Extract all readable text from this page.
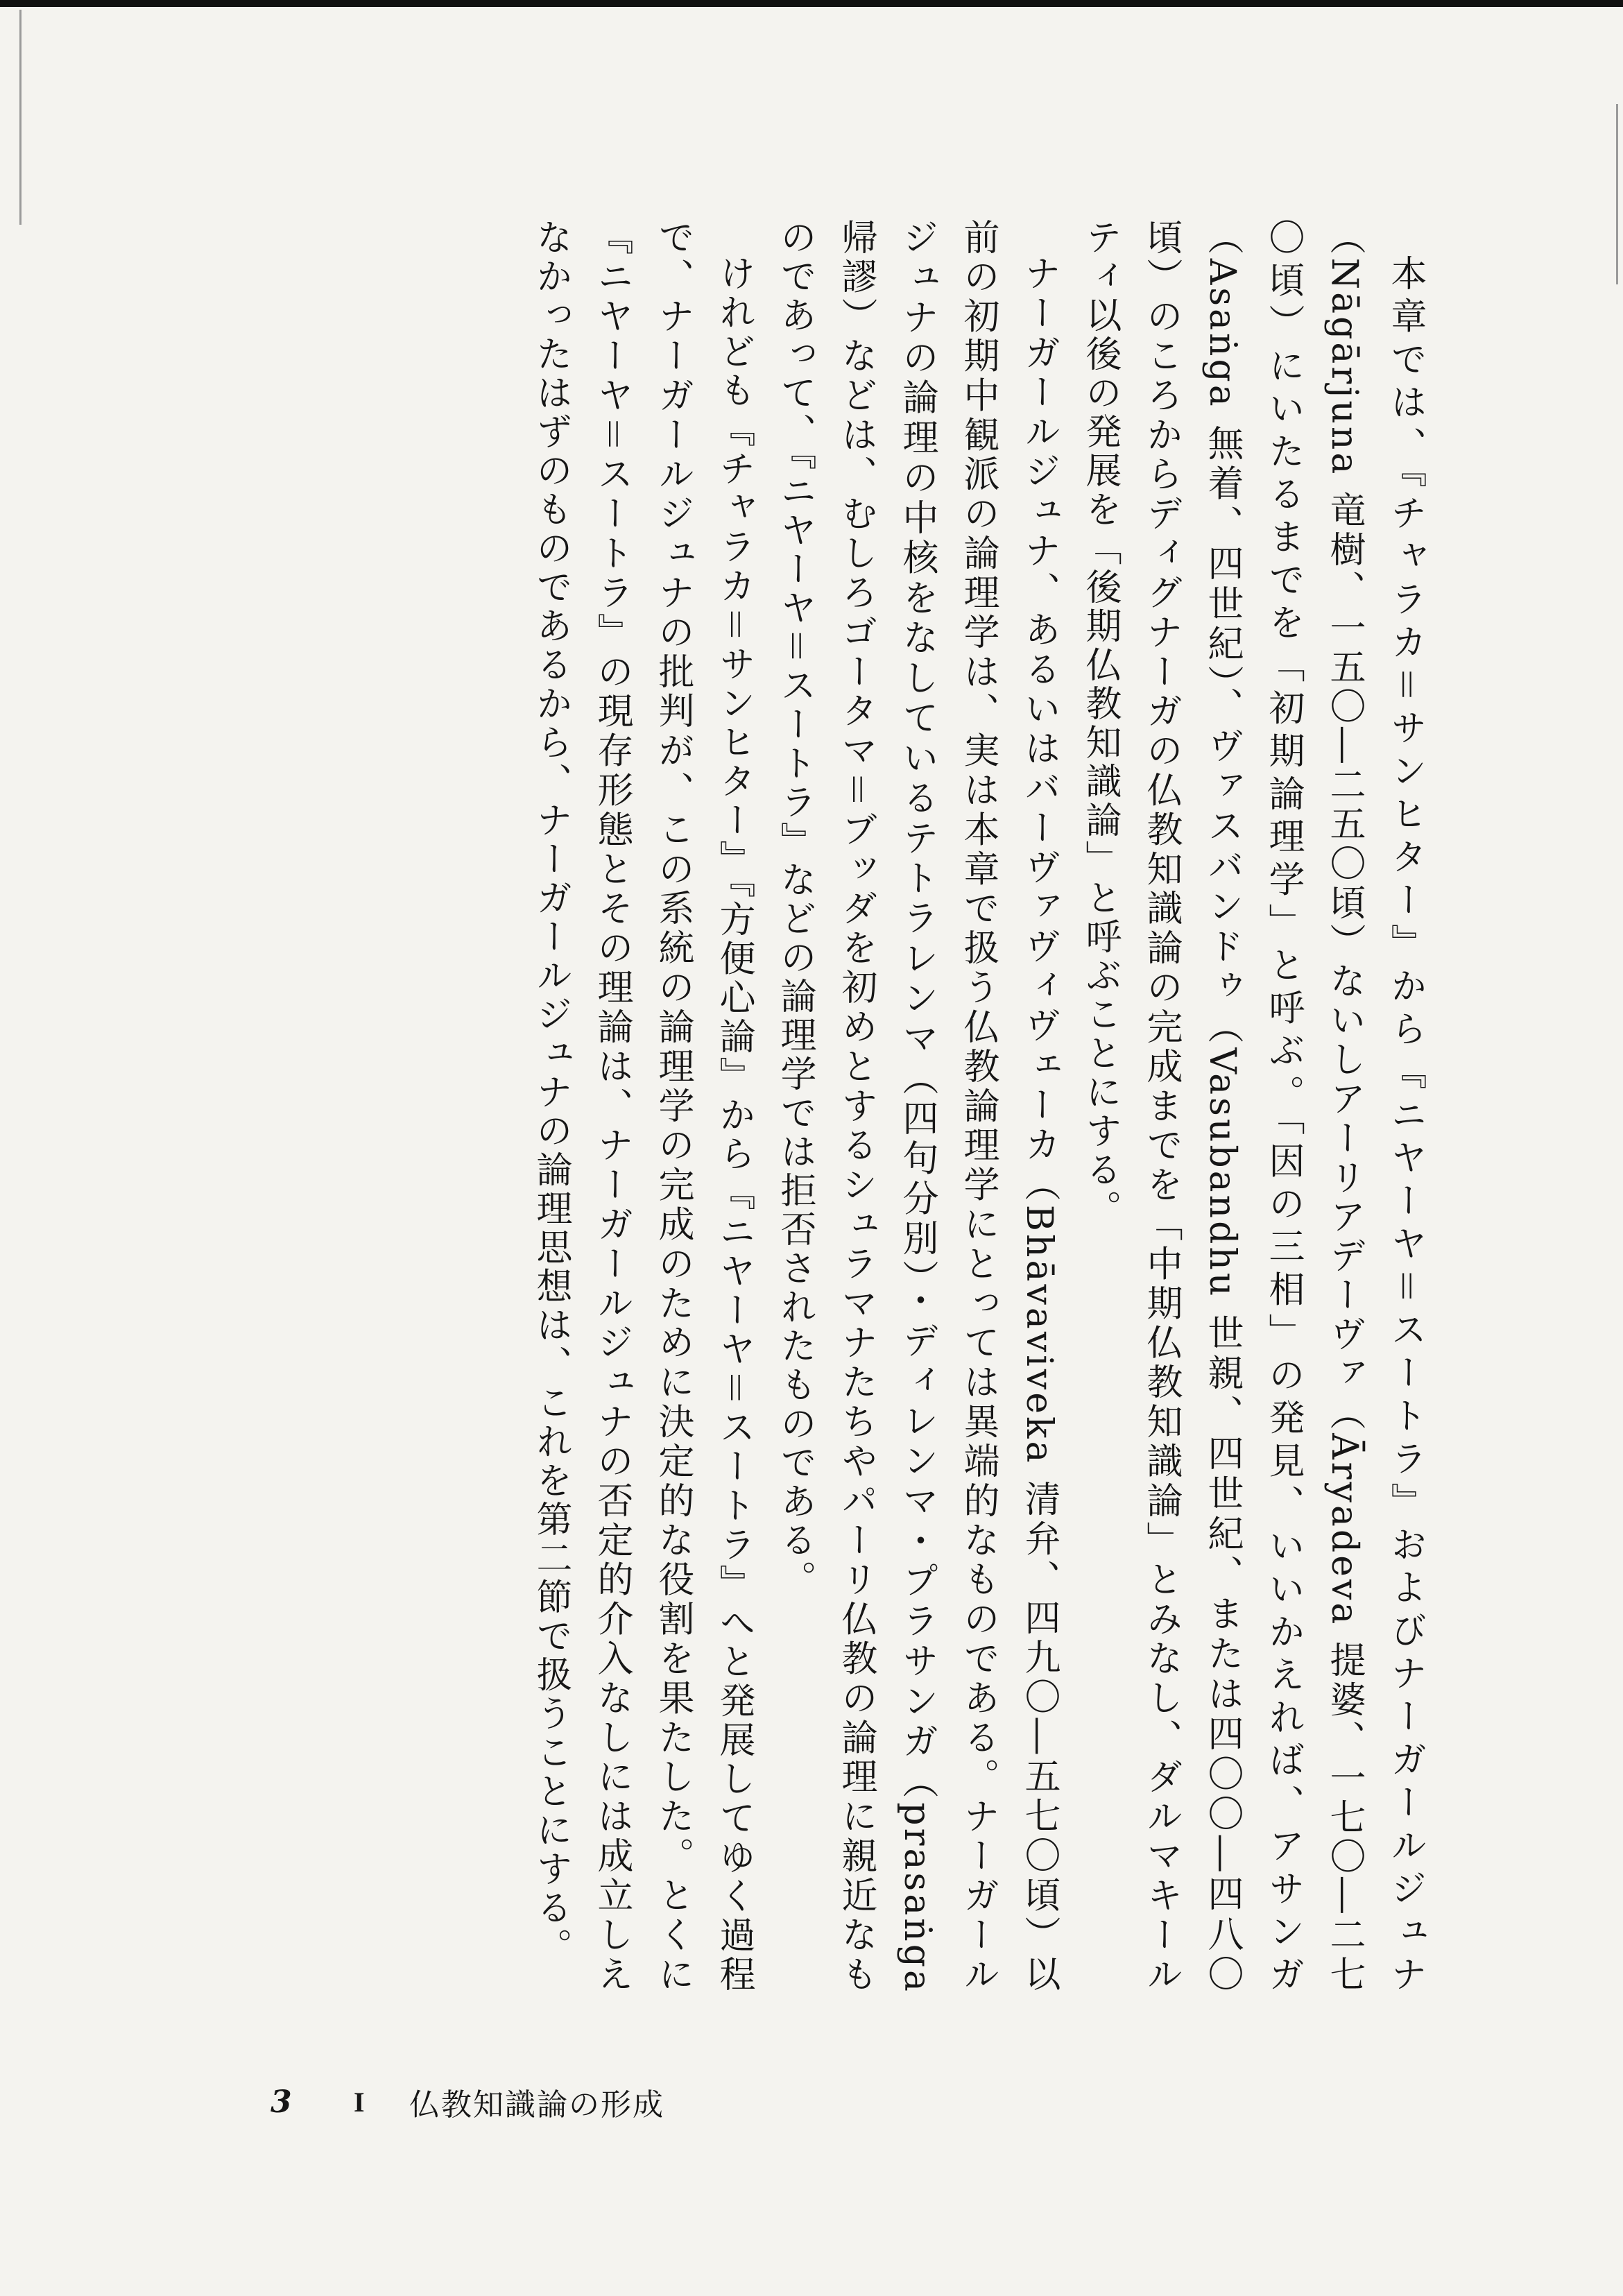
本章では、『チャラカ＝サンヒター』から『ニヤーヤ＝スートラ』およびナーガールジュナ（Nāgārjuna 竜樹、一五〇―二五〇頃）ないしアーリアデーヴァ（Āryadeva 提婆、一七〇―二七〇頃）にいたるまでを「初期論理学」と呼ぶ。「因の三相」の発見、いいかえれば、アサンガ（Asaṅga 無着、四世紀）、ヴァスバンドゥ（Vasubandhu 世親、四世紀、または四〇〇―四八〇頃）のころからディグナーガの仏教知識論の完成までを「中期仏教知識論」とみなし、ダルマキールティ以後の発展を「後期仏教知識論」と呼ぶことにする。

ナーガールジュナ、あるいはバーヴァヴィヴェーカ（Bhāvaviveka 清弁、四九〇―五七〇頃）以前の初期中観派の論理学は、実は本章で扱う仏教論理学にとっては異端的なものである。ナーガールジュナの論理の中核をなしているテトラレンマ（四句分別）・ディレンマ・プラサンガ（prasaṅga 帰謬）などは、むしろゴータマ＝ブッダを初めとするシュラマナたちやパーリ仏教の論理に親近なものであって、『ニヤーヤ＝スートラ』などの論理学では拒否されたものである。

けれども『チャラカ＝サンヒター』『方便心論』から『ニヤーヤ＝スートラ』へと発展してゆく過程で、ナーガールジュナの批判が、この系統の論理学の完成のために決定的な役割を果たした。とくに『ニヤーヤ＝スートラ』の現存形態とその理論は、ナーガールジュナの否定的介入なしには成立しえなかったはずのものであるから、ナーガールジュナの論理思想は、これを第二節で扱うことにする。

3	I	仏教知識論の形成
